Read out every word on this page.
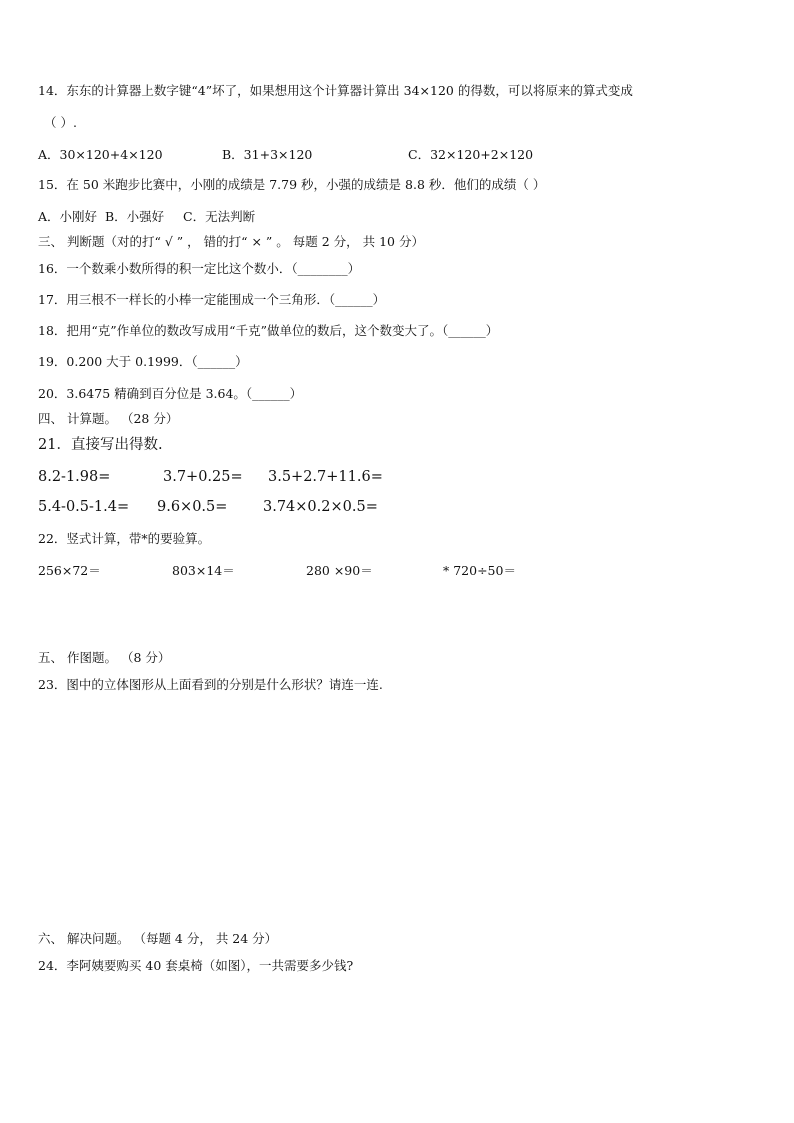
14．东东的计算器上数字键“4”坏了，如果想用这个计算器计算出 34×120 的得数，可以将原来的算式变成
（ ）.
A．30×120+4×120	B．31+3×120	C．32×120+2×120
15．在 50 米跑步比赛中，小刚的成绩是 7.79 秒，小强的成绩是 8.8 秒．他们的成绩（ ）
A．小刚好 B．小强好 C．无法判断
三、 判断题（对的打“ √ ” ， 错的打“ × ” 。 每题 2 分， 共 10 分）
16．一个数乘小数所得的积一定比这个数小．（________）
17．用三根不一样长的小棒一定能围成一个三角形．（______）
18．把用“克”作单位的数改写成用“千克”做单位的数后，这个数变大了。（______）
19．0.200 大于 0.1999．（______）
20．3.6475 精确到百分位是 3.64。（______）
四、 计算题。 （28 分）
21．直接写出得数.
8.2-1.98=	3.7+0.25= 3.5+2.7+11.6=
5.4-0.5-1.4= 9.6×0.5= 3.74×0.2×0.5=
22．竖式计算，带*的要验算。
256×72＝	803×14＝	280 ×90＝	* 720÷50＝
五、 作图题。 （8 分）
23．图中的立体图形从上面看到的分别是什么形状？请连一连.
六、 解决问题。 （每题 4 分， 共 24 分）
24．李阿姨要购买 40 套桌椅（如图），一共需要多少钱?
